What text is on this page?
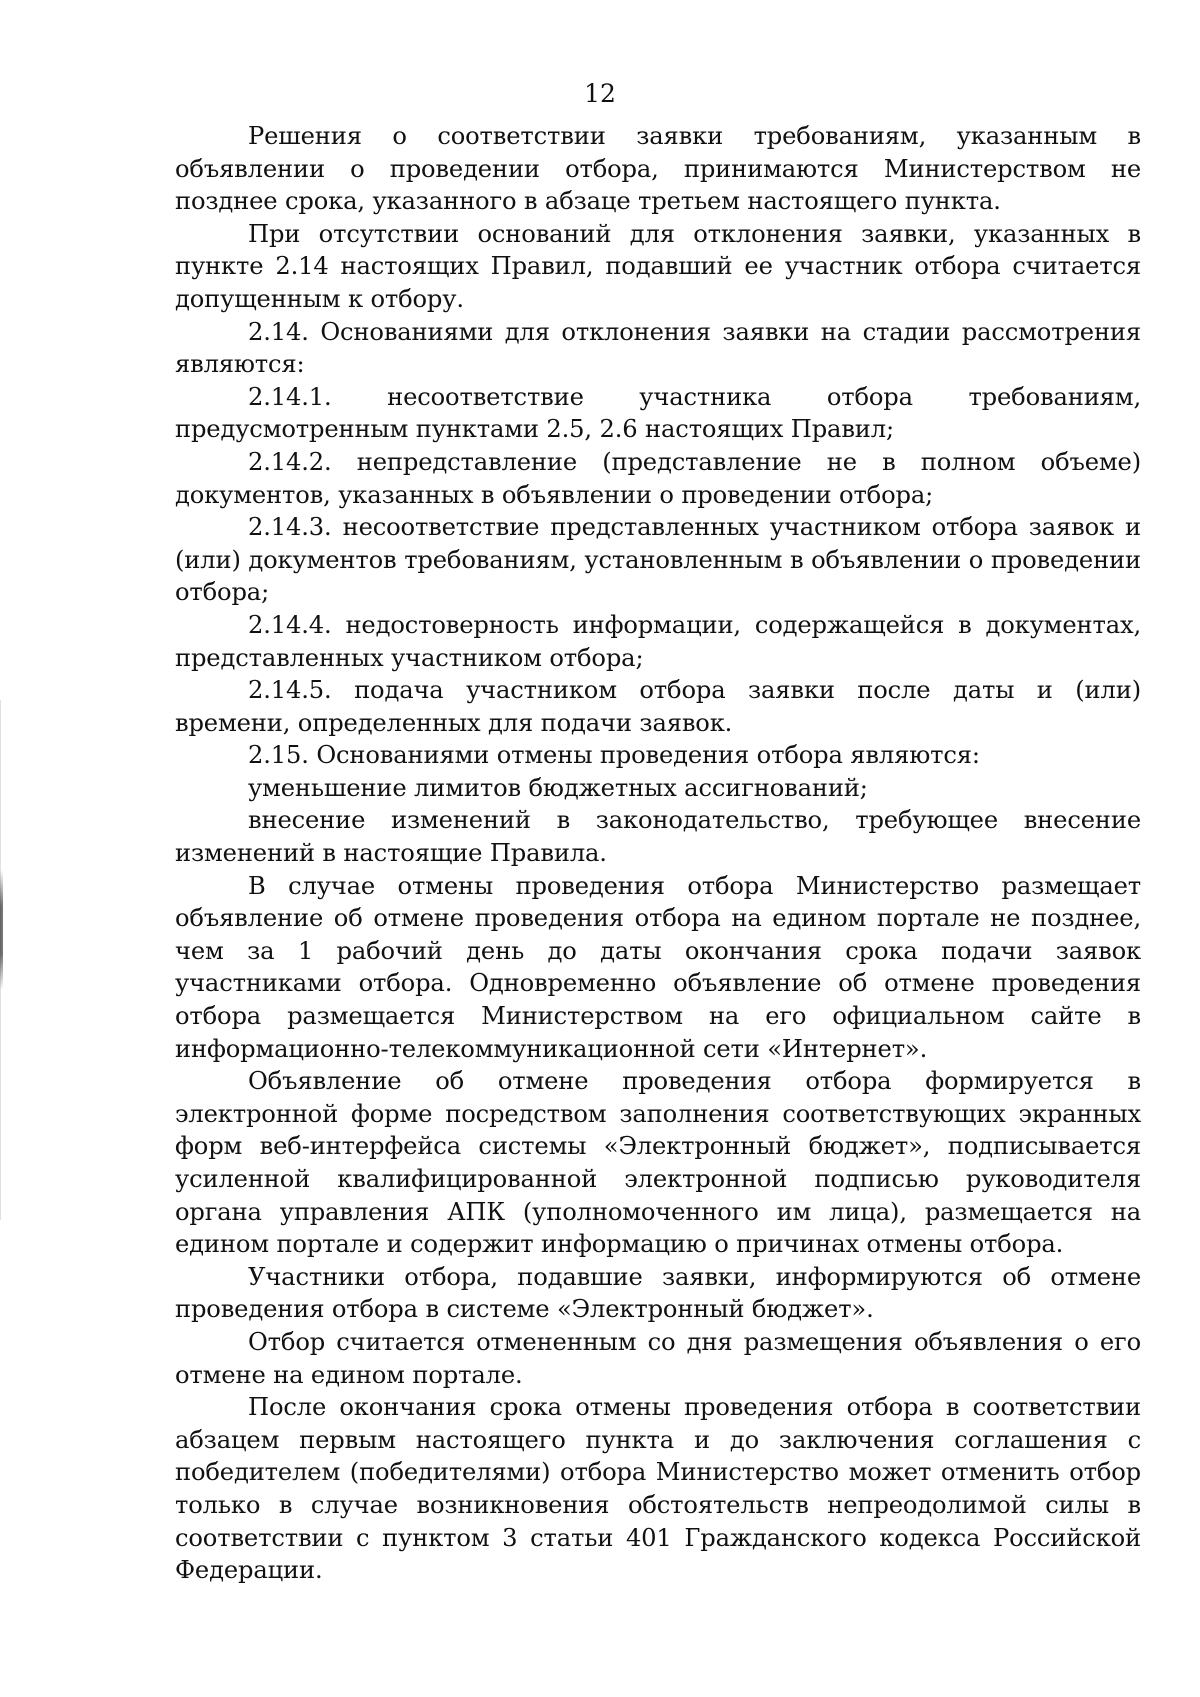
12

Решения о соответствии заявки требованиям, указанным в объявлении о проведении отбора, принимаются Министерством не позднее срока, указанного в абзаце третьем настоящего пункта.

При отсутствии оснований для отклонения заявки, указанных в пункте 2.14 настоящих Правил, подавший ее участник отбора считается допущенным к отбору.

2.14. Основаниями для отклонения заявки на стадии рассмотрения являются:

2.14.1. несоответствие участника отбора требованиям, предусмотренным пунктами 2.5, 2.6 настоящих Правил;

2.14.2. непредставление (представление не в полном объеме) документов, указанных в объявлении о проведении отбора;

2.14.3. несоответствие представленных участником отбора заявок и (или) документов требованиям, установленным в объявлении о проведении отбора;

2.14.4. недостоверность информации, содержащейся в документах, представленных участником отбора;

2.14.5. подача участником отбора заявки после даты и (или) времени, определенных для подачи заявок.

2.15. Основаниями отмены проведения отбора являются:

уменьшение лимитов бюджетных ассигнований;

внесение изменений в законодательство, требующее внесение изменений в настоящие Правила.

В случае отмены проведения отбора Министерство размещает объявление об отмене проведения отбора на едином портале не позднее, чем за 1 рабочий день до даты окончания срока подачи заявок участниками отбора. Одновременно объявление об отмене проведения отбора размещается Министерством на его официальном сайте в информационно-телекоммуникационной сети «Интернет».

Объявление об отмене проведения отбора формируется в электронной форме посредством заполнения соответствующих экранных форм веб-интерфейса системы «Электронный бюджет», подписывается усиленной квалифицированной электронной подписью руководителя органа управления АПК (уполномоченного им лица), размещается на едином портале и содержит информацию о причинах отмены отбора.

Участники отбора, подавшие заявки, информируются об отмене проведения отбора в системе «Электронный бюджет».

Отбор считается отмененным со дня размещения объявления о его отмене на едином портале.

После окончания срока отмены проведения отбора в соответствии абзацем первым настоящего пункта и до заключения соглашения с победителем (победителями) отбора Министерство может отменить отбор только в случае возникновения обстоятельств непреодолимой силы в соответствии с пунктом 3 статьи 401 Гражданского кодекса Российской Федерации.
